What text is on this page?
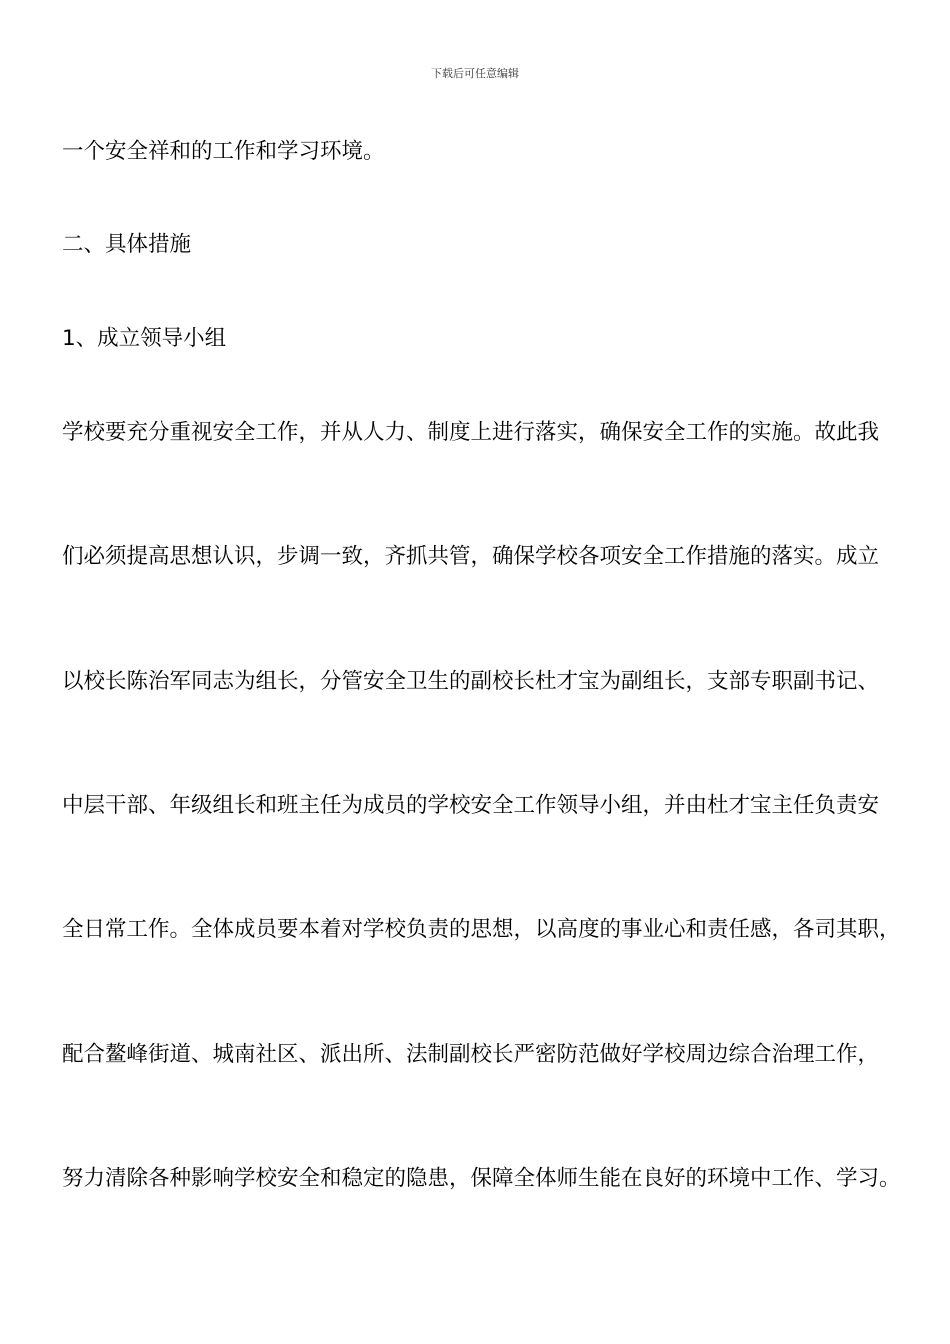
下载后可任意编辑
一个安全祥和的工作和学习环境。
二、具体措施
1、成立领导小组
学校要充分重视安全工作，并从人力、制度上进行落实，确保安全工作的实施。故此我
们必须提高思想认识，步调一致，齐抓共管，确保学校各项安全工作措施的落实。成立
以校长陈治军同志为组长，分管安全卫生的副校长杜才宝为副组长，支部专职副书记、
中层干部、年级组长和班主任为成员的学校安全工作领导小组，并由杜才宝主任负责安
全日常工作。全体成员要本着对学校负责的思想，以高度的事业心和责任感，各司其职，
配合鳌峰街道、城南社区、派出所、法制副校长严密防范做好学校周边综合治理工作，
努力清除各种影响学校安全和稳定的隐患，保障全体师生能在良好的环境中工作、学习。
